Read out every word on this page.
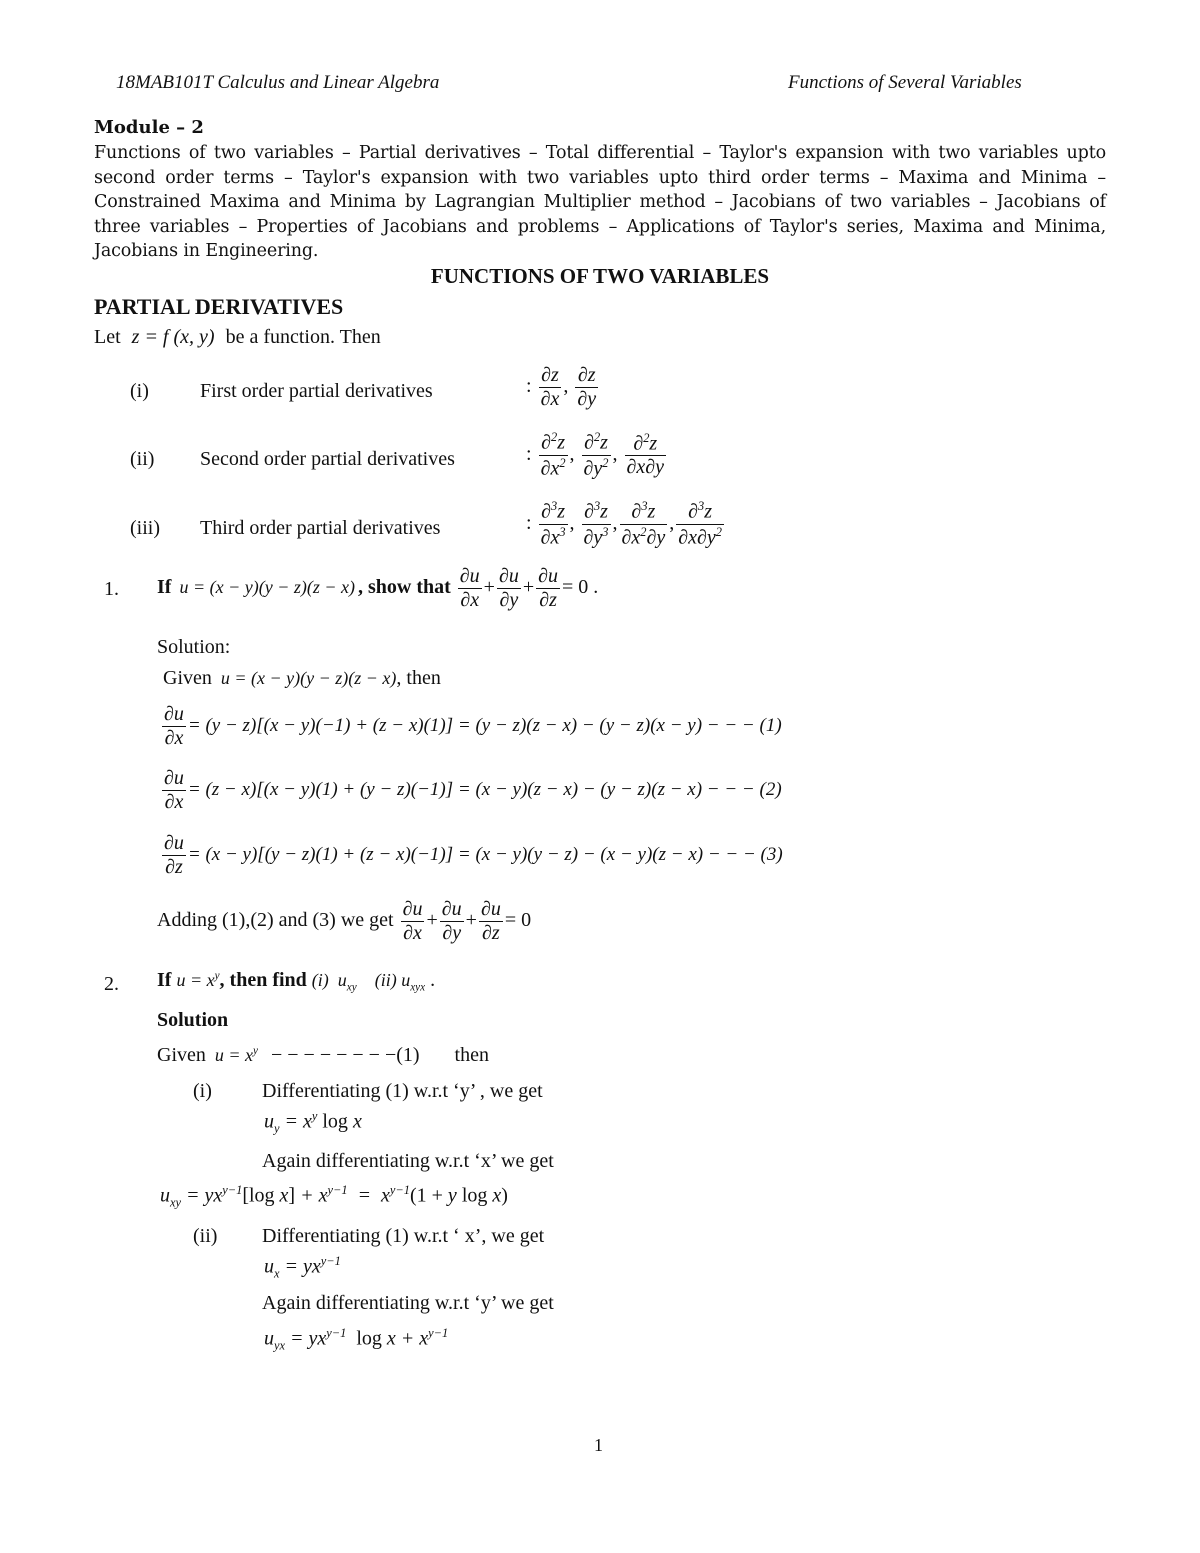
18MAB101T Calculus and Linear Algebra	Functions of Several Variables
Module – 2
Functions of two variables – Partial derivatives – Total differential – Taylor's expansion with two variables upto second order terms – Taylor's expansion with two variables upto third order terms – Maxima and Minima – Constrained Maxima and Minima by Lagrangian Multiplier method – Jacobians of two variables – Jacobians of three variables – Properties of Jacobians and problems – Applications of Taylor's series, Maxima and Minima, Jacobians in Engineering.
FUNCTIONS OF TWO VARIABLES
PARTIAL DERIVATIVES
Let z = f (x, y) be a function. Then
(i)	First order partial derivatives	: $\frac{\partial z}{\partial x}$ , $\frac{\partial z}{\partial y}$
(ii) Second order partial derivatives	: $\frac{\partial^2z}{\partial x^2}$ , $\frac{\partial^2z}{\partial y^2}$ , $\frac{\partial^2z}{\partial x\partial y}$
(iii) Third order partial derivatives	: $\frac{\partial^3z}{\partial x^3}$ , $\frac{\partial^3z}{\partial y^3}$ , $\frac{\partial^3z}{\partial x^2\partial y}$ , $\frac{\partial^3z}{\partial x\partial y^2}$
1. If u = (x − y)(y − z)(z − x) , show that $\frac{\partial u}{\partial x} + \frac{\partial u}{\partial y} + \frac{\partial u}{\partial z} = 0$ .
Solution:
Given u = (x − y)(y − z)(z − x), then
$\frac{\partial u}{\partial x} = (y - z)[(x - y)(-1) + (z - x)(1)] = (y - z)(z - x) - (y - z)(x - y)$ − − − (1)
$\frac{\partial u}{\partial x} = (z - x)[(x - y)(1) + (y - z)(-1)] = (x - y)(z - x) - (y - z)(z - x)$ − − − (2)
$\frac{\partial u}{\partial z} = (x - y)[(y - z)(1) + (z - x)(-1)] = (x - y)(y - z) - (x - y)(z - x)$ − − − (3)
Adding (1),(2) and (3) we get $\frac{\partial u}{\partial x} + \frac{\partial u}{\partial y} + \frac{\partial u}{\partial z} = 0$
2. If $u = x^y$, then find (i)  $u_{xy}$    (ii) $u_{xyx}$ .
Solution
Given $u = x^y$ − − − − − − − −(1) then
(i)	Differentiating (1) w.r.t ‘y’ , we get
$u_y = x^y$ log x
Again differentiating w.r.t ‘x’ we get
$u_{xy} = yx^{y-1}[\log$ $x] + x^{y-1} = x^{y-1}(1 + y$ log x)
(ii) Differentiating (1) w.r.t ‘ x’, we get
$u_x = yx^{y-1}$
Again differentiating w.r.t ‘y’ we get
$u_{yx} = yx^{y-1}$ $\log x + x^{y-1}$
1
